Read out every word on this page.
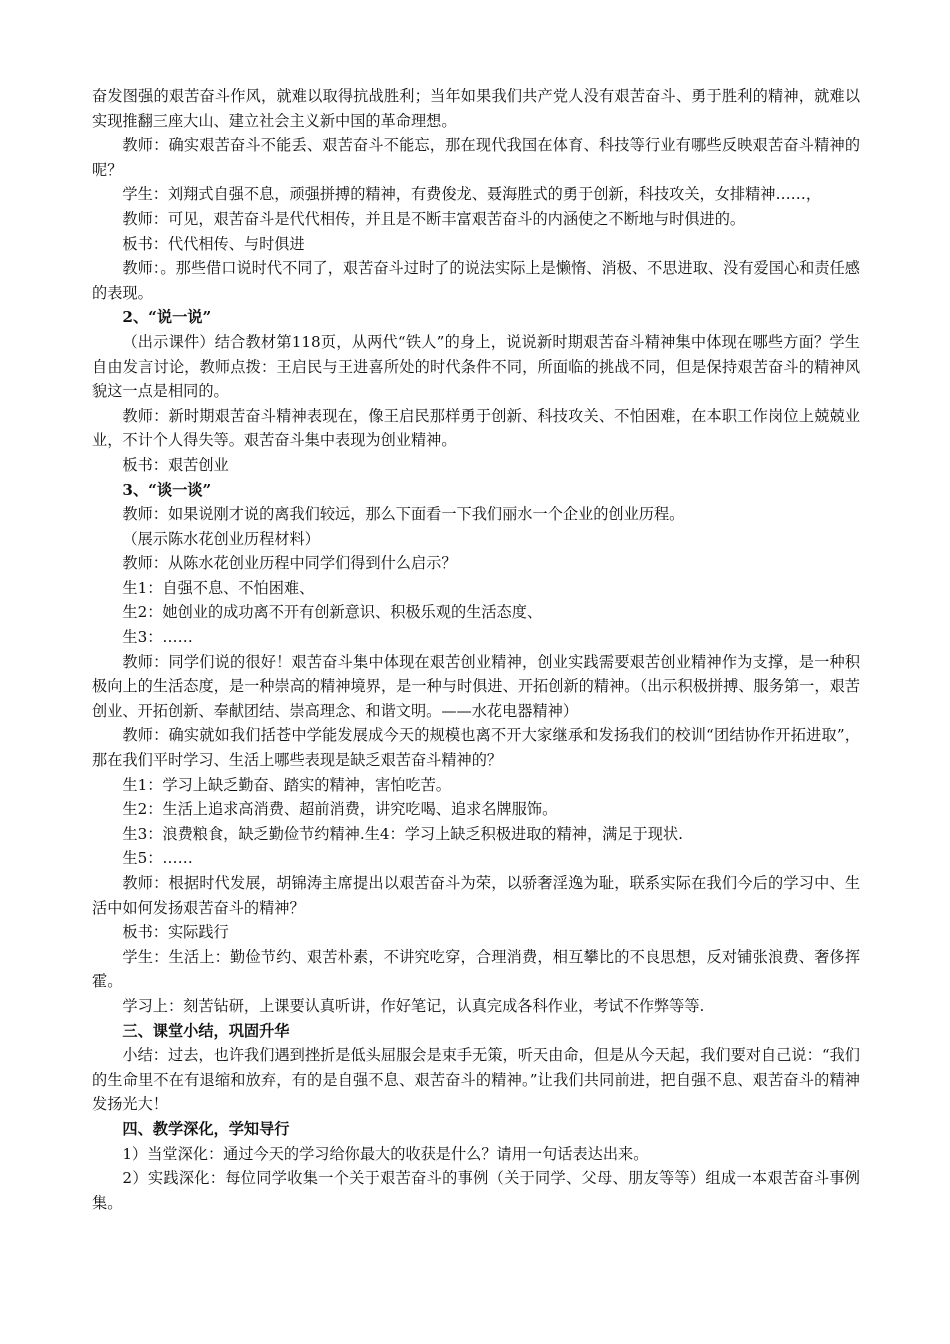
奋发图强的艰苦奋斗作风，就难以取得抗战胜利；当年如果我们共产党人没有艰苦奋斗、勇于胜利的精神，就难以实现推翻三座大山、建立社会主义新中国的革命理想。

教师：确实艰苦奋斗不能丢、艰苦奋斗不能忘，那在现代我国在体育、科技等行业有哪些反映艰苦奋斗精神的呢？

学生：刘翔式自强不息，顽强拼搏的精神，有费俊龙、聂海胜式的勇于创新，科技攻关，女排精神……，

教师：可见，艰苦奋斗是代代相传，并且是不断丰富艰苦奋斗的内涵使之不断地与时俱进的。

板书：代代相传、与时俱进

教师：。那些借口说时代不同了，艰苦奋斗过时了的说法实际上是懒惰、消极、不思进取、没有爱国心和责任感的表现。

2、“说一说”

（出示课件）结合教材第118页，从两代“铁人”的身上，说说新时期艰苦奋斗精神集中体现在哪些方面？学生自由发言讨论，教师点拨：王启民与王进喜所处的时代条件不同，所面临的挑战不同，但是保持艰苦奋斗的精神风貌这一点是相同的。

教师：新时期艰苦奋斗精神表现在，像王启民那样勇于创新、科技攻关、不怕困难，在本职工作岗位上兢兢业业，不计个人得失等。艰苦奋斗集中表现为创业精神。

板书：艰苦创业

3、“谈一谈”

教师：如果说刚才说的离我们较远，那么下面看一下我们丽水一个企业的创业历程。

（展示陈水花创业历程材料）

教师：从陈水花创业历程中同学们得到什么启示？

生1：自强不息、不怕困难、

生2：她创业的成功离不开有创新意识、积极乐观的生活态度、

生3：……

教师：同学们说的很好！艰苦奋斗集中体现在艰苦创业精神，创业实践需要艰苦创业精神作为支撑，是一种积极向上的生活态度，是一种崇高的精神境界，是一种与时俱进、开拓创新的精神。（出示积极拼搏、服务第一，艰苦创业、开拓创新、奉献团结、崇高理念、和谐文明。——水花电器精神）

教师：确实就如我们括苍中学能发展成今天的规模也离不开大家继承和发扬我们的校训“团结协作开拓进取”，那在我们平时学习、生活上哪些表现是缺乏艰苦奋斗精神的？

生1：学习上缺乏勤奋、踏实的精神，害怕吃苦。

生2：生活上追求高消费、超前消费，讲究吃喝、追求名牌服饰。

生3：浪费粮食，缺乏勤俭节约精神.生4：学习上缺乏积极进取的精神，满足于现状.

生5：……

教师：根据时代发展，胡锦涛主席提出以艰苦奋斗为荣，以骄奢淫逸为耻，联系实际在我们今后的学习中、生活中如何发扬艰苦奋斗的精神？

板书：实际践行

学生：生活上：勤俭节约、艰苦朴素，不讲究吃穿，合理消费，相互攀比的不良思想，反对铺张浪费、奢侈挥霍。

学习上：刻苦钻研，上课要认真听讲，作好笔记，认真完成各科作业，考试不作弊等等.

三、课堂小结，巩固升华

小结：过去，也许我们遇到挫折是低头屈服会是束手无策，听天由命，但是从今天起，我们要对自己说：“我们的生命里不在有退缩和放弃，有的是自强不息、艰苦奋斗的精神。”让我们共同前进，把自强不息、艰苦奋斗的精神发扬光大！

四、教学深化，学知导行

1）当堂深化：通过今天的学习给你最大的收获是什么？请用一句话表达出来。

2）实践深化：每位同学收集一个关于艰苦奋斗的事例（关于同学、父母、朋友等等）组成一本艰苦奋斗事例集。
